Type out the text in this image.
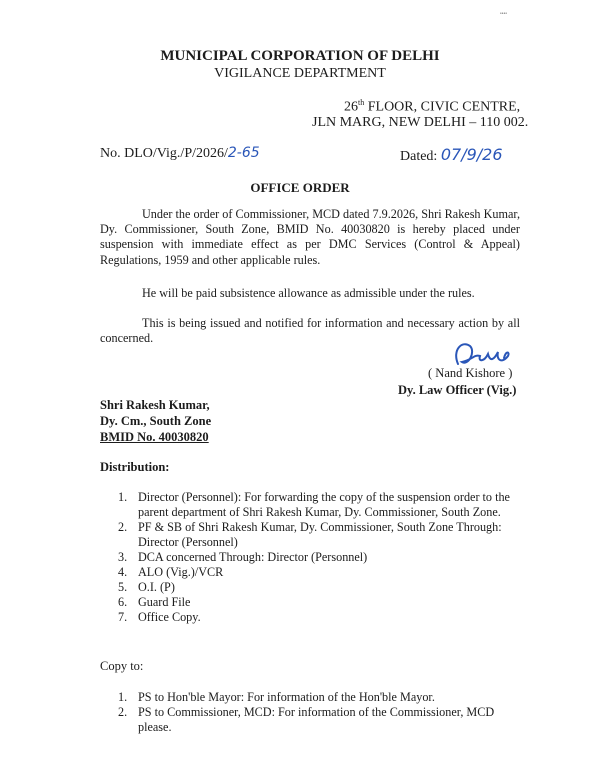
••••
MUNICIPAL CORPORATION OF DELHI
VIGILANCE DEPARTMENT
26th FLOOR, CIVIC CENTRE,
JLN MARG, NEW DELHI – 110 002.
No. DLO/Vig./P/2026/2-65	Dated: 07/9/26
OFFICE ORDER
Under the order of Commissioner, MCD dated 7.9.2026, Shri Rakesh Kumar, Dy. Commissioner, South Zone, BMID No. 40030820 is hereby placed under suspension with immediate effect as per DMC Services (Control & Appeal) Regulations, 1959 and other applicable rules.
He will be paid subsistence allowance as admissible under the rules.
This is being issued and notified for information and necessary action by all concerned.
( Nand Kishore )
Dy. Law Officer (Vig.)
Shri Rakesh Kumar,
Dy. Cm., South Zone
BMID No. 40030820
Distribution:
1. Director (Personnel): For forwarding the copy of the suspension order to the parent department of Shri Rakesh Kumar, Dy. Commissioner, South Zone.
2. PF & SB of Shri Rakesh Kumar, Dy. Commissioner, South Zone Through: Director (Personnel)
3. DCA concerned Through: Director (Personnel)
4. ALO (Vig.)/VCR
5. O.I. (P)
6. Guard File
7. Office Copy.
Copy to:
1. PS to Hon'ble Mayor: For information of the Hon'ble Mayor.
2. PS to Commissioner, MCD: For information of the Commissioner, MCD please.
